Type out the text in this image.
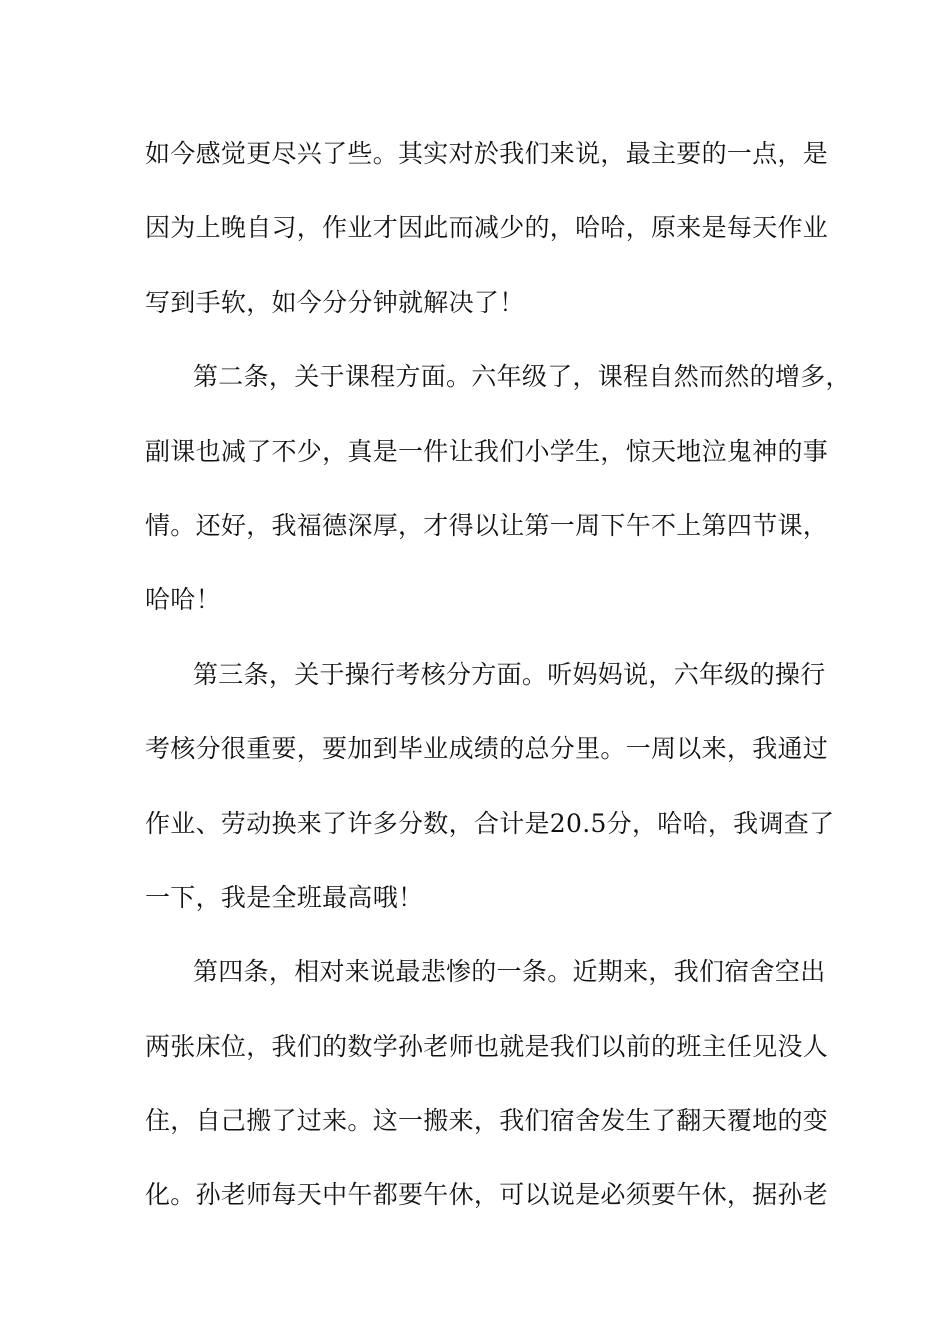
如今感觉更尽兴了些。其实对於我们来说，最主要的一点，是
因为上晚自习，作业才因此而减少的，哈哈，原来是每天作业
写到手软，如今分分钟就解决了！
第二条，关于课程方面。六年级了，课程自然而然的增多，
副课也减了不少，真是一件让我们小学生，惊天地泣鬼神的事
情。还好，我福德深厚，才得以让第一周下午不上第四节课，
哈哈！
第三条，关于操行考核分方面。听妈妈说，六年级的操行
考核分很重要，要加到毕业成绩的总分里。一周以来，我通过
作业、劳动换来了许多分数，合计是20.5分，哈哈，我调查了
一下，我是全班最高哦！
第四条，相对来说最悲惨的一条。近期来，我们宿舍空出
两张床位，我们的数学孙老师也就是我们以前的班主任见没人
住，自己搬了过来。这一搬来，我们宿舍发生了翻天覆地的变
化。孙老师每天中午都要午休，可以说是必须要午休，据孙老
